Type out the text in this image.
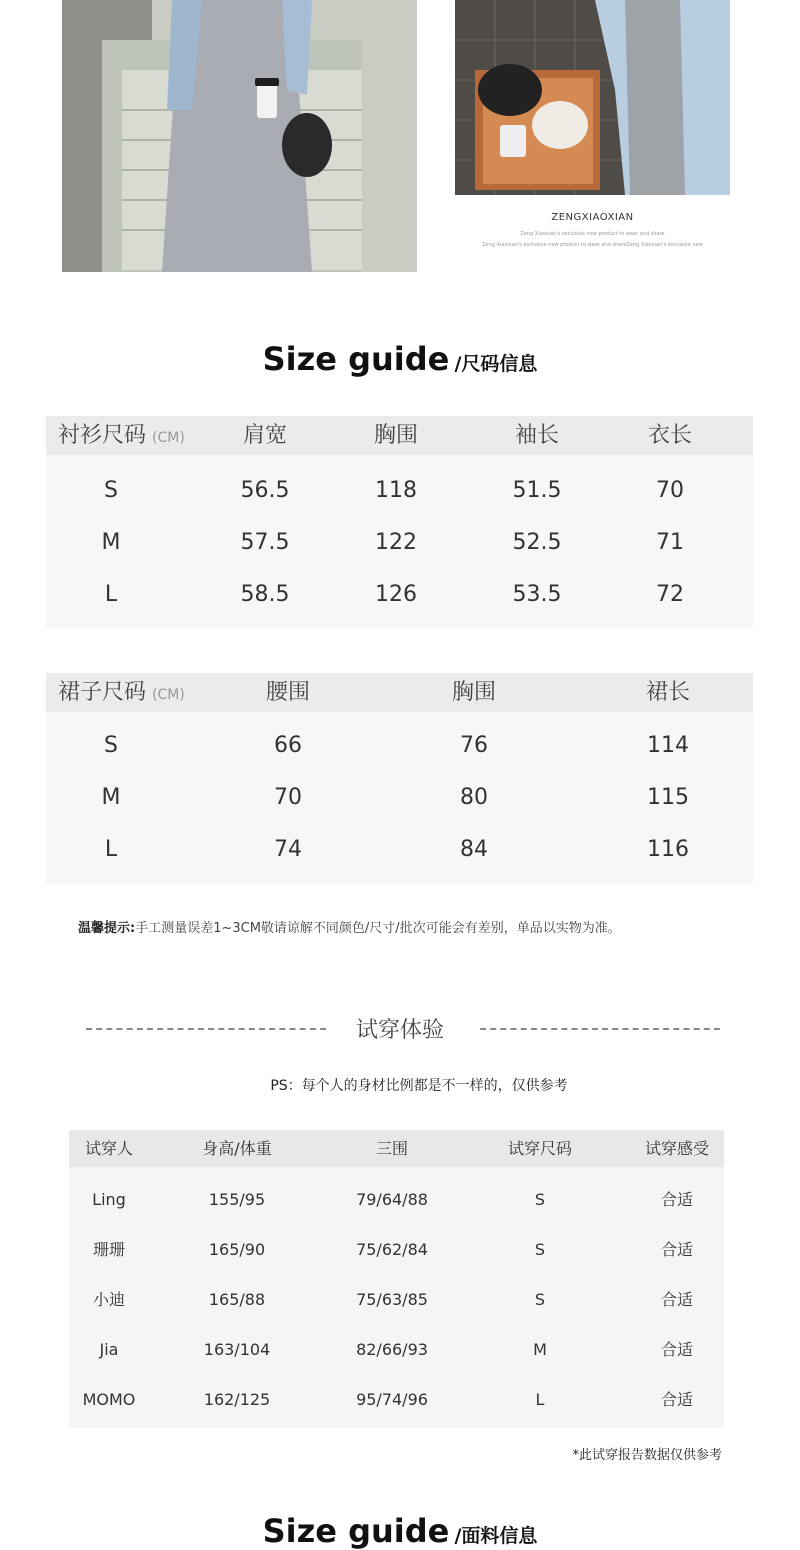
ZENGXIAOXIAN
Zeng Xiaoxian's exclusive new product to wear and share
Zeng Xiaoxian's exclusive new product to wear and shareZeng Xiaoxian's exclusive new
Size guide /尺码信息
衬衫尺码 (CM)	肩宽	胸围	袖长	衣长
S	56.5	118	51.5	70
M	57.5	122	52.5	71
L	58.5	126	53.5	72
裙子尺码 (CM)	腰围	胸围	裙长
S	66	76	114
M	70	80	115
L	74	84	116
温馨提示:手工测量误差1~3CM敬请谅解不同颜色/尺寸/批次可能会有差别，单品以实物为准。
试穿体验
PS：每个人的身材比例都是不一样的，仅供参考
试穿人	身高/体重	三围	试穿尺码	试穿感受
Ling	155/95	79/64/88	S	合适
珊珊	165/90	75/62/84	S	合适
小迪	165/88	75/63/85	S	合适
Jia	163/104	82/66/93	M	合适
MOMO	162/125	95/74/96	L	合适
*此试穿报告数据仅供参考
Size guide /面料信息
